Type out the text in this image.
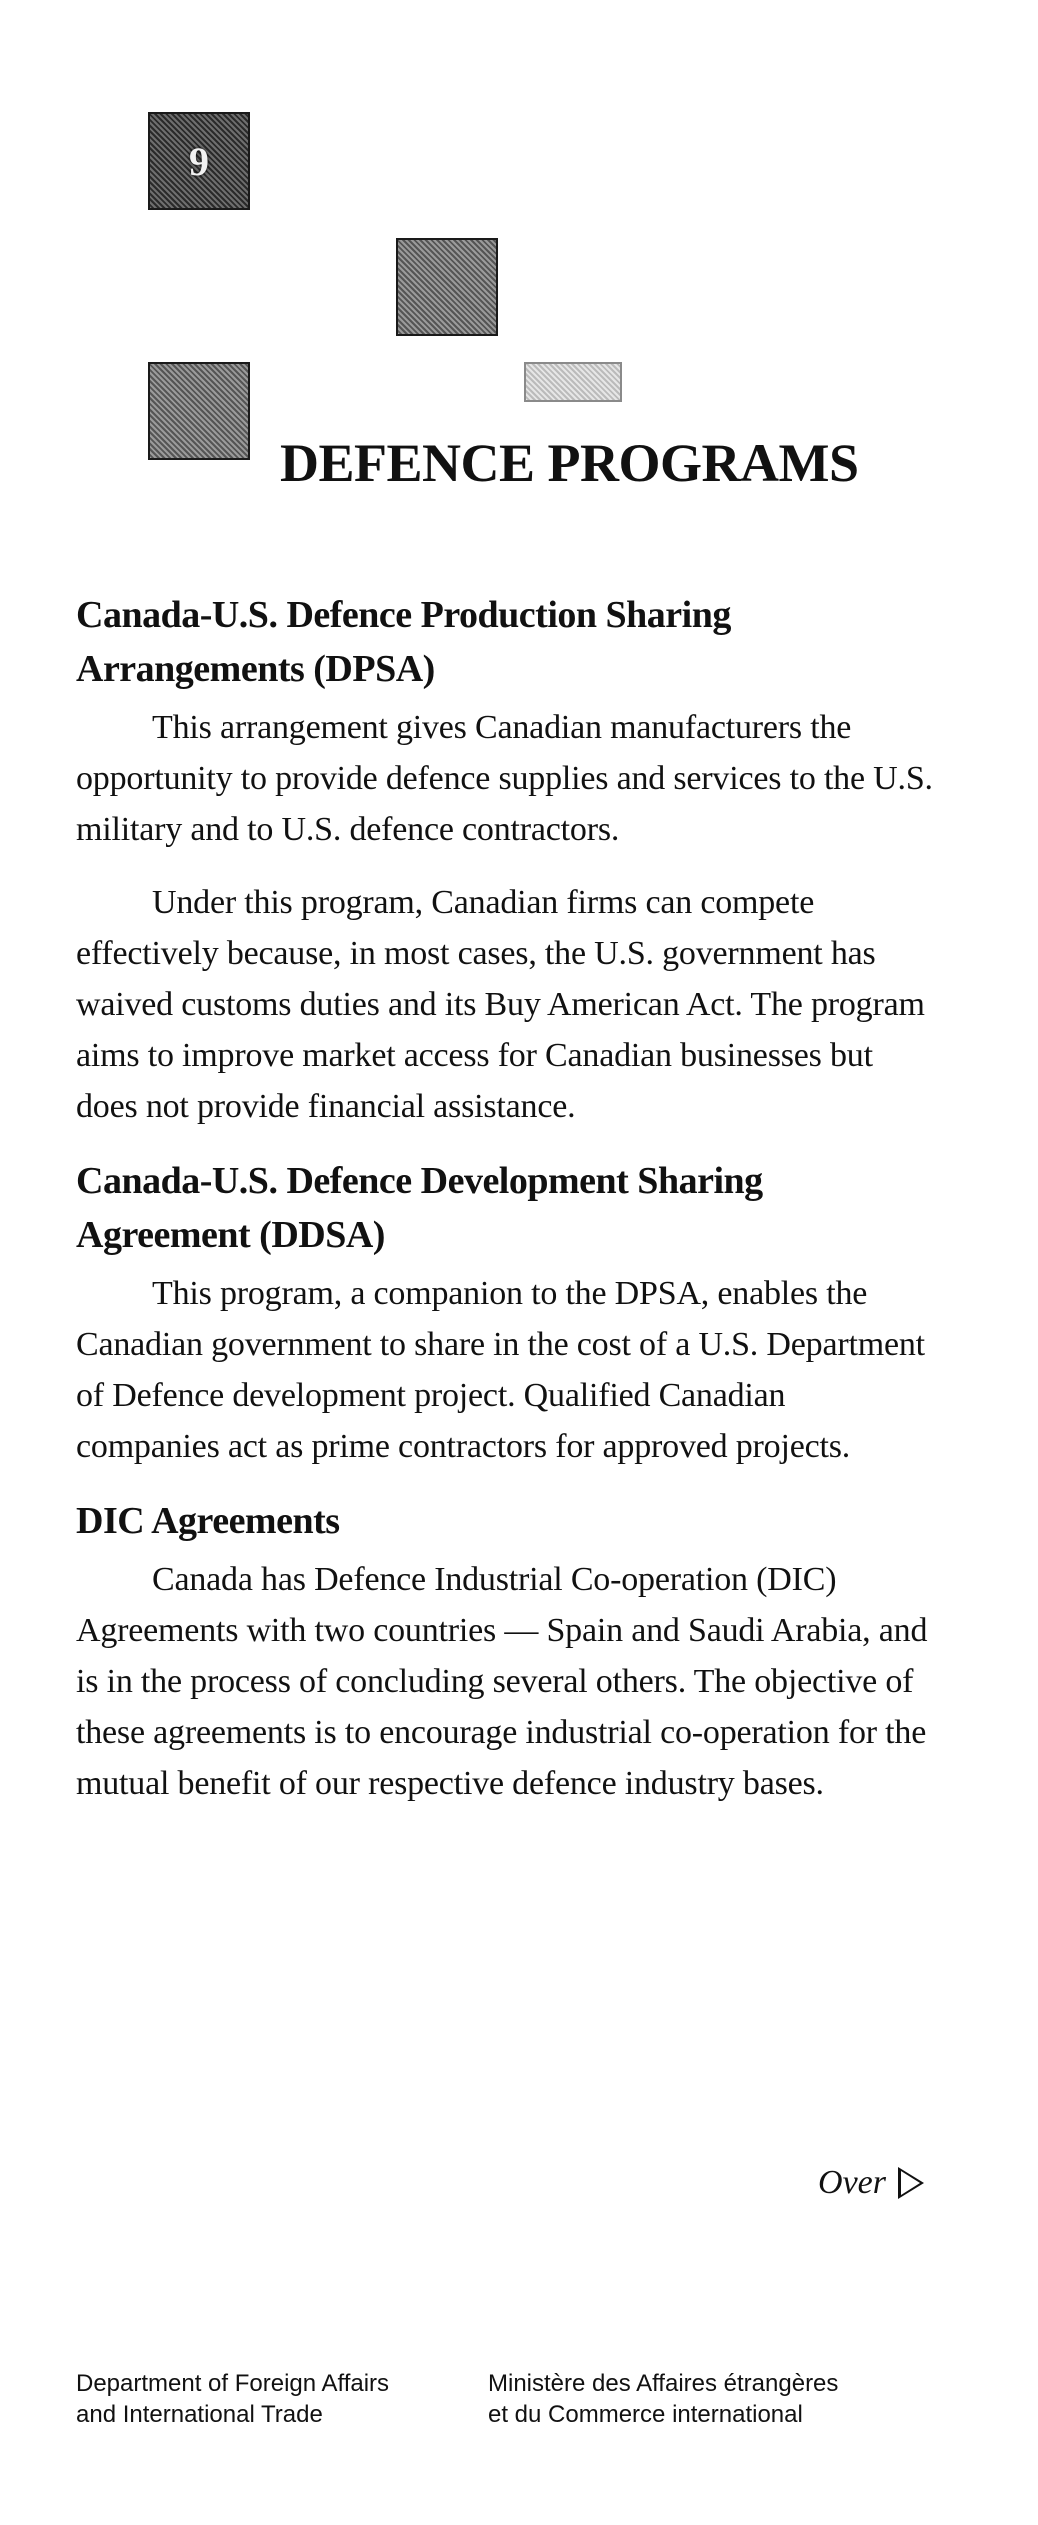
9
DEFENCE PROGRAMS
Canada-U.S. Defence Production Sharing
Arrangements (DPSA)

This arrangement gives Canadian manufacturers the opportunity to provide defence supplies and services to the U.S. military and to U.S. defence contractors.

Under this program, Canadian firms can compete effectively because, in most cases, the U.S. government has waived customs duties and its Buy American Act. The program aims to improve market access for Canadian businesses but does not provide financial assistance.

Canada-U.S. Defence Development Sharing
Agreement (DDSA)

This program, a companion to the DPSA, enables the Canadian government to share in the cost of a U.S. Department of Defence development project. Qualified Canadian companies act as prime contractors for approved projects.

DIC Agreements

Canada has Defence Industrial Co-operation (DIC) Agreements with two countries — Spain and Saudi Arabia, and is in the process of concluding several others. The objective of these agreements is to encourage industrial co-operation for the mutual benefit of our respective defence industry bases.

Over
Department of Foreign Affairs
and International Trade
Ministère des Affaires étrangères
et du Commerce international
